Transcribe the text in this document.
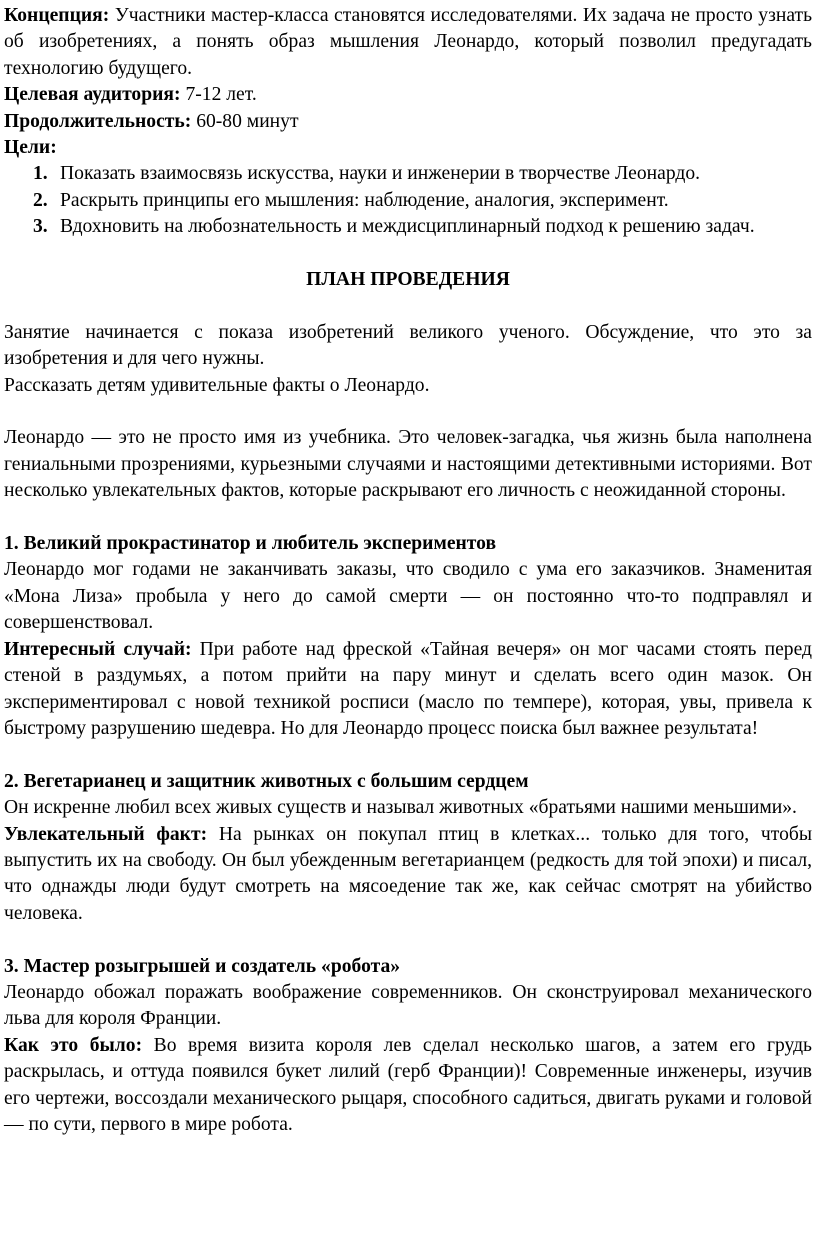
Концепция: Участники мастер-класса становятся исследователями. Их задача не просто узнать об изобретениях, а понять образ мышления Леонардо, который позволил предугадать технологию будущего.

Целевая аудитория: 7-12 лет.

Продолжительность: 60-80 минут

Цели:

1. Показать взаимосвязь искусства, науки и инженерии в творчестве Леонардо.
2. Раскрыть принципы его мышления: наблюдение, аналогия, эксперимент.
3. Вдохновить на любознательность и междисциплинарный подход к решению задач.

ПЛАН ПРОВЕДЕНИЯ

Занятие начинается с показа изобретений великого ученого. Обсуждение, что это за изобретения и для чего нужны.

Рассказать детям удивительные факты о Леонардо.

Леонардо — это не просто имя из учебника. Это человек-загадка, чья жизнь была наполнена гениальными прозрениями, курьезными случаями и настоящими детективными историями. Вот несколько увлекательных фактов, которые раскрывают его личность с неожиданной стороны.

1. Великий прокрастинатор и любитель экспериментов

Леонардо мог годами не заканчивать заказы, что сводило с ума его заказчиков. Знаменитая «Мона Лиза» пробыла у него до самой смерти — он постоянно что-то подправлял и совершенствовал.

Интересный случай: При работе над фреской «Тайная вечеря» он мог часами стоять перед стеной в раздумьях, а потом прийти на пару минут и сделать всего один мазок. Он экспериментировал с новой техникой росписи (масло по темпере), которая, увы, привела к быстрому разрушению шедевра. Но для Леонардо процесс поиска был важнее результата!

2. Вегетарианец и защитник животных с большим сердцем

Он искренне любил всех живых существ и называл животных «братьями нашими меньшими».

Увлекательный факт: На рынках он покупал птиц в клетках... только для того, чтобы выпустить их на свободу. Он был убежденным вегетарианцем (редкость для той эпохи) и писал, что однажды люди будут смотреть на мясоедение так же, как сейчас смотрят на убийство человека.

3. Мастер розыгрышей и создатель «робота»

Леонардо обожал поражать воображение современников. Он сконструировал механического льва для короля Франции.

Как это было: Во время визита короля лев сделал несколько шагов, а затем его грудь раскрылась, и оттуда появился букет лилий (герб Франции)! Современные инженеры, изучив его чертежи, воссоздали механического рыцаря, способного садиться, двигать руками и головой — по сути, первого в мире робота.
